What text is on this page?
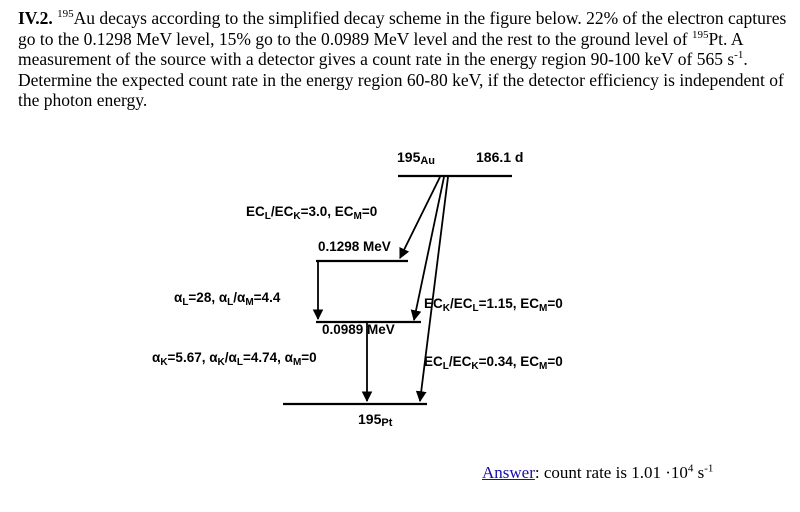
IV.2. $^{195}$Au decays according to the simplified decay scheme in the figure below. 22% of the electron captures go to the 0.1298 MeV level, 15% go to the 0.0989 MeV level and the rest to the ground level of $^{195}$Pt. A measurement of the source with a detector gives a count rate in the energy region 90-100 keV of 565 $s^{-1}$. Determine the expected count rate in the energy region 60-80 keV, if the detector efficiency is independent of the photon energy.
195Au	186.1 d
$EC_L/EC_K=3.0$, $EC_M=0$
0.1298 MeV
$\alpha_L=28$, $\alpha_L/\alpha_M=4.4$
0.0989 MeV
$EC_K/EC_L=1.15$, $EC_M=0$
$\alpha_K=5.67$, $\alpha_K/\alpha_L=4.74$, $\alpha_M=0$	$EC_L/EC_K=0.34$, $EC_M=0$
195Pt
Answer: count rate is $1.01 \cdot 10^4$ $s^{-1}$
